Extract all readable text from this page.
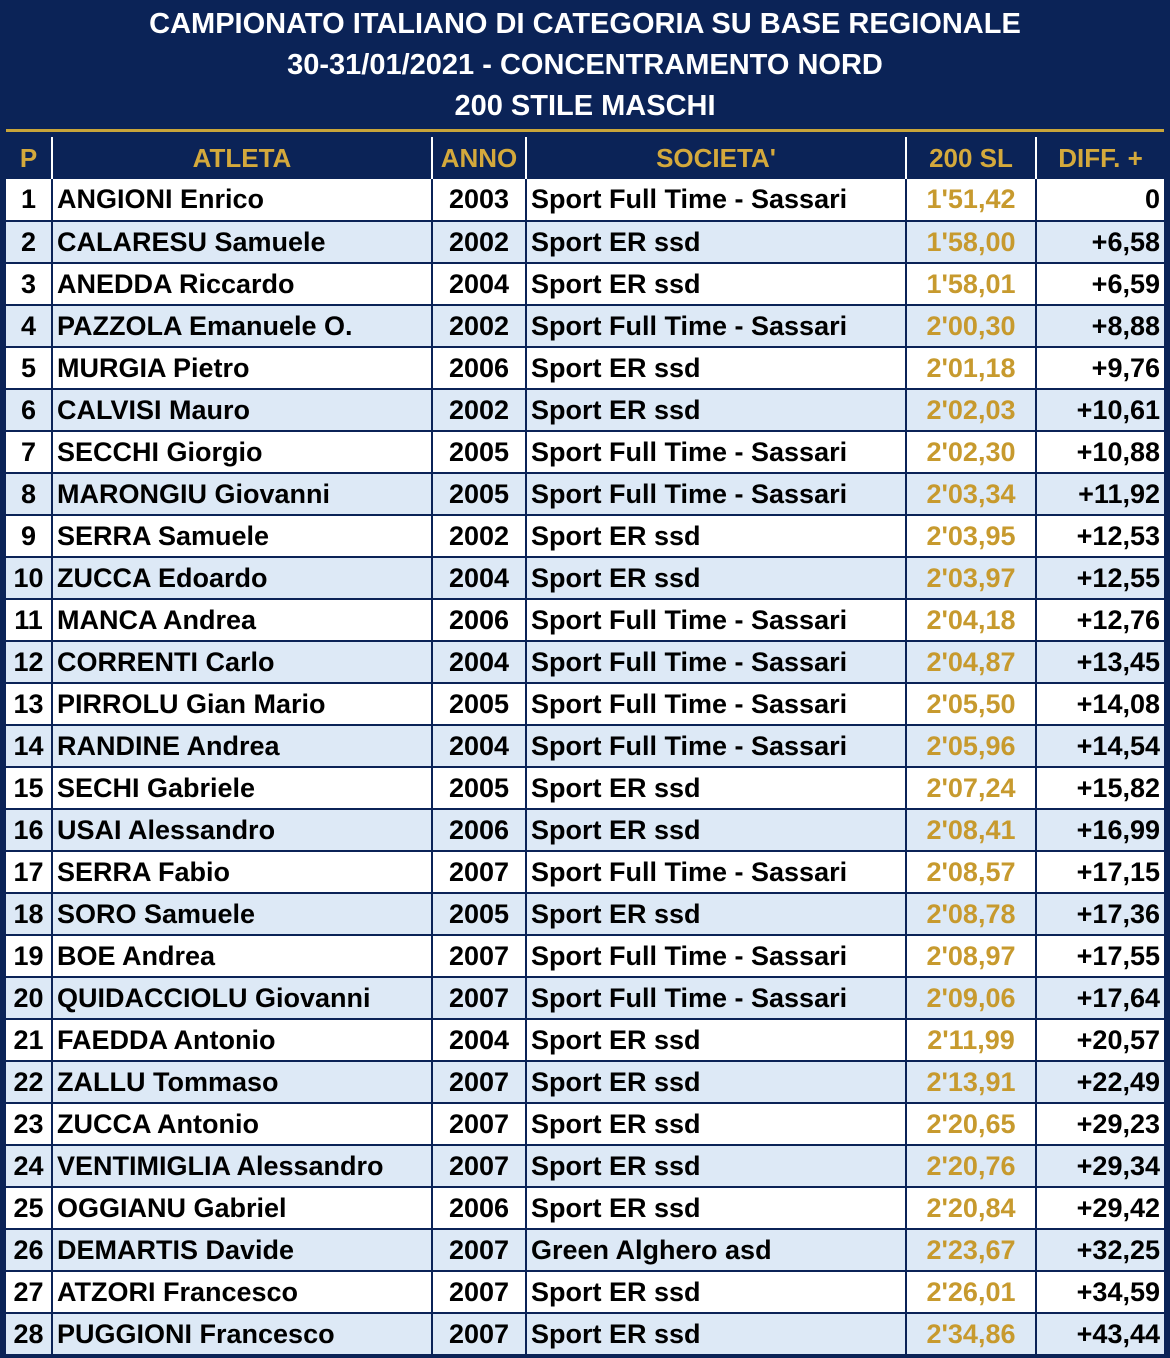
CAMPIONATO ITALIANO DI CATEGORIA SU BASE REGIONALE
30-31/01/2021 - CONCENTRAMENTO NORD
200 STILE MASCHI
P	ATLETA	ANNO	SOCIETA'	200 SL	DIFF. +
1	ANGIONI Enrico	2003	Sport Full Time - Sassari	1'51,42	0
2	CALARESU Samuele	2002	Sport ER ssd	1'58,00	+6,58
3	ANEDDA Riccardo	2004	Sport ER ssd	1'58,01	+6,59
4	PAZZOLA Emanuele O.	2002	Sport Full Time - Sassari	2'00,30	+8,88
5	MURGIA Pietro	2006	Sport ER ssd	2'01,18	+9,76
6	CALVISI Mauro	2002	Sport ER ssd	2'02,03	+10,61
7	SECCHI Giorgio	2005	Sport Full Time - Sassari	2'02,30	+10,88
8	MARONGIU Giovanni	2005	Sport Full Time - Sassari	2'03,34	+11,92
9	SERRA Samuele	2002	Sport ER ssd	2'03,95	+12,53
10	ZUCCA Edoardo	2004	Sport ER ssd	2'03,97	+12,55
11	MANCA Andrea	2006	Sport Full Time - Sassari	2'04,18	+12,76
12	CORRENTI Carlo	2004	Sport Full Time - Sassari	2'04,87	+13,45
13	PIRROLU Gian Mario	2005	Sport Full Time - Sassari	2'05,50	+14,08
14	RANDINE Andrea	2004	Sport Full Time - Sassari	2'05,96	+14,54
15	SECHI Gabriele	2005	Sport ER ssd	2'07,24	+15,82
16	USAI Alessandro	2006	Sport ER ssd	2'08,41	+16,99
17	SERRA Fabio	2007	Sport Full Time - Sassari	2'08,57	+17,15
18	SORO Samuele	2005	Sport ER ssd	2'08,78	+17,36
19	BOE Andrea	2007	Sport Full Time - Sassari	2'08,97	+17,55
20	QUIDACCIOLU Giovanni	2007	Sport Full Time - Sassari	2'09,06	+17,64
21	FAEDDA Antonio	2004	Sport ER ssd	2'11,99	+20,57
22	ZALLU Tommaso	2007	Sport ER ssd	2'13,91	+22,49
23	ZUCCA Antonio	2007	Sport ER ssd	2'20,65	+29,23
24	VENTIMIGLIA Alessandro	2007	Sport ER ssd	2'20,76	+29,34
25	OGGIANU Gabriel	2006	Sport ER ssd	2'20,84	+29,42
26	DEMARTIS Davide	2007	Green Alghero asd	2'23,67	+32,25
27	ATZORI Francesco	2007	Sport ER ssd	2'26,01	+34,59
28	PUGGIONI Francesco	2007	Sport ER ssd	2'34,86	+43,44
